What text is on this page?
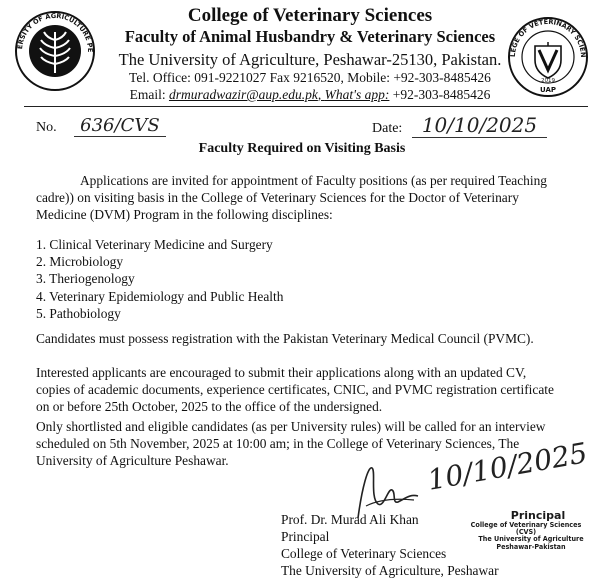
ERSITY OF AGRICULTURE PE
LEGE OF VETERINARY SCIEN
2019
UAP
College of Veterinary Sciences
Faculty of Animal Husbandry & Veterinary Sciences
The University of Agriculture, Peshawar-25130, Pakistan.
Tel. Office: 091-9221027 Fax 9216520, Mobile: +92-303-8485426
Email: drmuradwazir@aup.edu.pk, What's app: +92-303-8485426
No. 636/CVS	Date: 10/10/2025
Faculty Required on Visiting Basis
Applications are invited for appointment of Faculty positions (as per required Teaching
cadre)) on visiting basis in the College of Veterinary Sciences for the Doctor of Veterinary
Medicine (DVM) Program in the following disciplines:
1. Clinical Veterinary Medicine and Surgery
2. Microbiology
3. Theriogenology
4. Veterinary Epidemiology and Public Health
5. Pathobiology
Candidates must possess registration with the Pakistan Veterinary Medical Council (PVMC).
Interested applicants are encouraged to submit their applications along with an updated CV,
copies of academic documents, experience certificates, CNIC, and PVMC registration certificate
on or before 25th October, 2025 to the office of the undersigned.
Only shortlisted and eligible candidates (as per University rules) will be called for an interview
scheduled on 5th November, 2025 at 10:00 am; in the College of Veterinary Sciences, The
University of Agriculture Peshawar.	10/10/2025
Prof. Dr. Murad Ali Khan
Principal
College of Veterinary Sciences
The University of Agriculture, Peshawar
Principal
College of Veterinary Sciences (CVS)
The University of Agriculture
Peshawar-Pakistan
